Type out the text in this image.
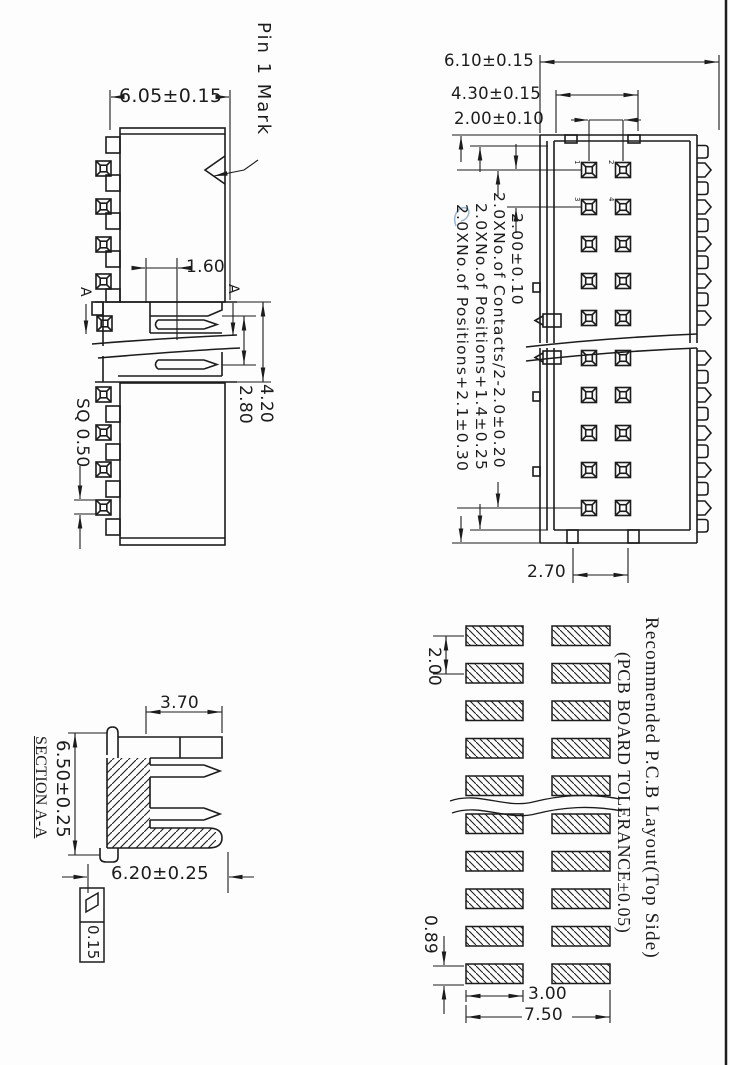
6.05±0.15 Pin 1 Mark
1.60
A	A
2.80 4.20
SQ 0.50
6.10±0.15
4.30±0.15
2.00±0.10
2.00±0.10
2.0XNo.of Contacts/2-2.0±0.20
2.0XNo.of Positions+1.4±0.25
2.0XNo.of Positions+2.1±0.30
2.70
1	2
3	4
3.70
6.50±0.25
SECTION A-A
6.20±0.25
0.15
2.00
0.89
3.00
7.50
Recommended P.C.B Layout(Top Side)
(PCB BOARD TOLERANCE±0.05)
